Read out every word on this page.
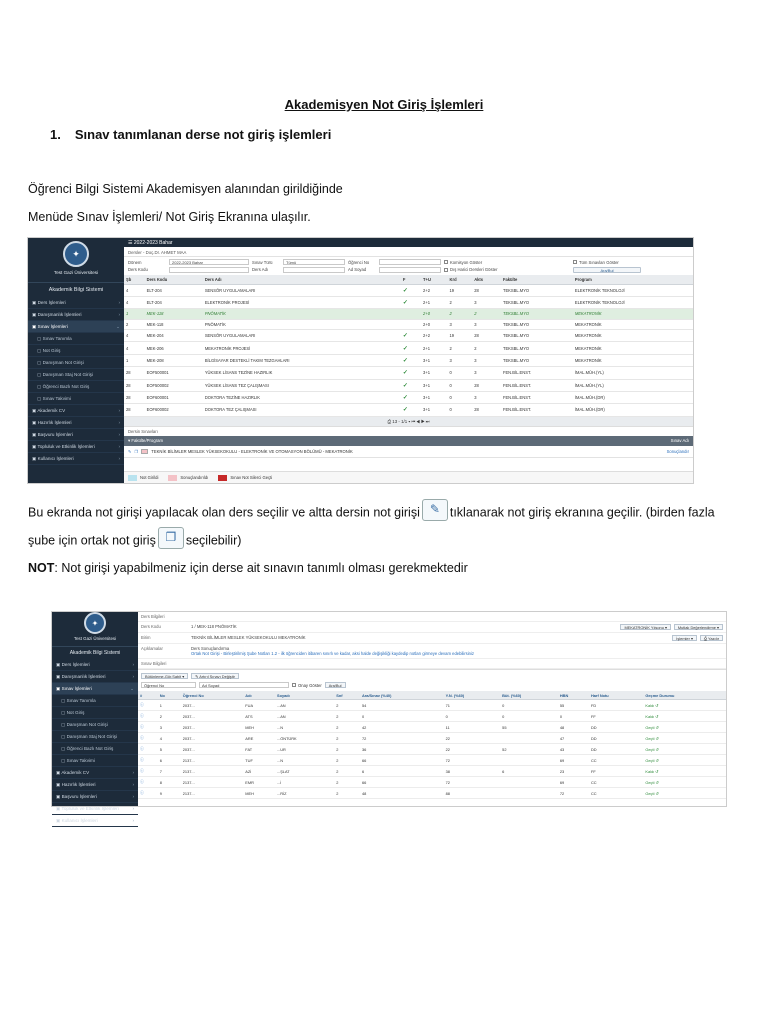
Akademisyen Not Giriş İşlemleri
1. Sınav tanımlanan derse not giriş işlemleri
Öğrenci Bilgi Sistemi Akademisyen alanından girildiğinde
Menüde Sınav İşlemleri/ Not Giriş Ekranına ulaşılır.
✦
Test Gazi Üniversitesi
Akademik Bilgi Sistemi
▣ Ders İşlemleri	›
▣ Danışmanlık İşlemleri	›
▣ Sınav İşlemleri	⌄
▢ Sınav Tanımla
▢ Not Giriş
▢ Danışman Not Girişi
▢ Danışman Staj Not Girişi
▢ Öğrenci Bazlı Not Giriş
▢ Sınav Takvimi
▣ Akademik CV	›
▣ Hazırlık İşlemleri	›
▣ Başvuru İşlemleri	›
▣ Topluluk ve Etkinlik İşlemleri	›
▣ Kullanıcı İşlemleri	›
☰ 2022-2023 Bahar
Dersler - Doç.Dr. AHMET MAA
Dönem	2022-2023 Bahar	Sınav Türü	Tümü	Öğrenci No	Komisyon Göster	Tüm Sınavları Göster
Ders Kodu	Ders Adı	Ad Soyad	Dış Harici Dersleri Göster	Ara/Bul
Şb	Ders Kodu	Ders Adı	F	T+U	Krd	Akts	Fakülte	Program
4	ELT-204	SENSÖR UYGULAMALARI	✓	2+2	19	28	TEKSBL.MYO	ELEKTRONİK TEKNOLOJİ
4	ELT-204	ELEKTRONİK PROJESİ	✓	2+1	2	3	TEKSBL.MYO	ELEKTRONİK TEKNOLOJİ
1	MEK-118	PNÖMATİK		2+0	2	2	TEKSBL.MYO	MEKATRONİK
2	MEK-118	PNÖMATİK		2+0	3	3	TEKSBL.MYO	MEKATRONİK
4	MEK-204	SENSÖR UYGULAMALARI	✓	2+2	19	28	TEKSBL.MYO	MEKATRONİK
4	MEK-206	MEKATRONİK PROJESİ	✓	2+1	2	2	TEKSBL.MYO	MEKATRONİK
1	MEK-208	BİLGİSAYAR DESTEKLİ TAKIM TEZGAHLARI	✓	3+1	3	3	TEKSBL.MYO	MEKATRONİK
28	EOF500001	YÜKSEK LİSANS TEZİNE HAZIRLIK	✓	3+1	0	3	FEN.BİL.ENST.	İMAL.MÜH.(YL)
28	EOF500002	YÜKSEK LİSANS TEZ ÇALIŞMASI	✓	3+1	0	28	FEN.BİL.ENST.	İMAL.MÜH.(YL)
28	EOF600001	DOKTORA TEZİNE HAZIRLIK	✓	3+1	0	3	FEN.BİL.ENST.	İMAL.MÜH.(DR)
28	EOF600002	DOKTORA TEZ ÇALIŞMASI	✓	3+1	0	28	FEN.BİL.ENST.	İMAL.MÜH.(DR)
⎙ 13 - 1/1 ▾ ⏮ ◀ ▶ ⏭
Dersin Sınavları
▾ Fakülte/Program	Sınav Adı
✎ ❐	TEKNİK BİLİMLER MESLEK YÜKSEKOKULU - ELEKTRONİK VE OTOMASYON BÖLÜMÜ - MEKATRONİK	Sonuçlandır
Not Girildi	Sonuçlandırıldı	Sınav Not Silerci Geçti
Bu ekranda not girişi yapılacak olan ders seçilir ve altta dersin not girişi ✎ tıklanarak not giriş ekranına geçilir. (birden fazla
şube için ortak not giriş ❐ seçilebilir)
NOT: Not girişi yapabilmeniz için derse ait sınavın tanımlı olması gerekmektedir
✦
Test Gazi Üniversitesi
Akademik Bilgi Sistemi
▣ Ders İşlemleri	›
▣ Danışmanlık İşlemleri	›
▣ Sınav İşlemleri	⌄
▢ Sınav Tanımla
▢ Not Giriş
▢ Danışman Not Girişi
▢ Danışman Staj Not Girişi
▢ Öğrenci Bazlı Not Giriş
▢ Sınav Takvimi
▣ Akademik CV	›
▣ Hazırlık İşlemleri	›
▣ Başvuru İşlemleri	›
▣ Topluluk ve Etkinlik İşlemleri	›
▣ Kullanıcı İşlemleri	›
Ders Bilgileri
Ders Kodu	1 / MEK-118 PNÖMATİK	MEKATRONİK Yılsonu ▾	Mutlak Değerlendirme ▾
Birim	TEKNİK BİLİMLER MESLEK YÜKSEKOKULU MEKATRONİK	İşlemler ▾	⎙ Yazdır
Açıklamalar	Ders Sonuçlandırma
Ortak Not Girişi - Birleştirilmiş Şube Notları 1.2 - ilk öğrenciden itibaren sınırlı ve kadar, aksi halde değişikliği kaydedip notları girmeye devam edebilirsiniz
Sınav Bilgileri
Bütünleme-Gör.Sabit ▾	✎ Artırıl Sınavı Değiştir
Öğrenci No	Ad Soyad	Onay Göster	Ara/Bul
#	No	Öğrenci No	Adı	Soyadı	Snf	Ara/Sınav (%40)	Y.N. (%60)	Büt. (%60)	HBN	Harf Notu	Geçme Durumu
ⓘ	1	2037...	FUA	...AN	2	54	71	0	55	FD	Kaldı ↺
ⓘ	2	2037...	ATS	...AN	2	0	0	0	0	FF	Kaldı ↺
ⓘ	3	2037...	MEH	...N	2	42	11	55	48	DD	Geçti ↺
ⓘ	4	2037...	ARE	...ÖNTÜRK	2	72	22		47	DD	Geçti ↺
ⓘ	5	2037...	FAT	...UR	2	36	22	52	43	DD	Geçti ↺
ⓘ	6	2137...	TUF	...N	2	66	72		69	CC	Geçti ↺
ⓘ	7	2137...	AZİ	...ŞLAT	2	6	38	6	23	FF	Kaldı ↺
ⓘ	8	2137...	EMR	...İ	2	66	72		69	CC	Geçti ↺
ⓘ	9	2137...	MEH	...RİZ	2	48	88		72	CC	Geçti ↺
